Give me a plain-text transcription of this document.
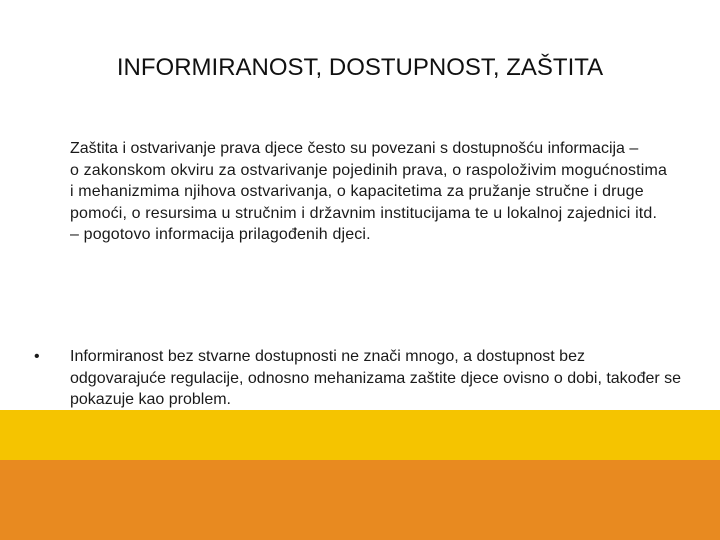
INFORMIRANOST, DOSTUPNOST, ZAŠTITA
Zaštita i ostvarivanje prava djece često su povezani s dostupnošću informacija –
o zakonskom okviru za ostvarivanje pojedinih prava, o raspoloživim mogućnostima i mehanizmima njihova ostvarivanja, o kapacitetima za pružanje stručne i druge pomoći, o resursima u stručnim i državnim institucijama te u lokalnoj zajednici itd. – pogotovo informacija prilagođenih djeci.
•	Informiranost bez stvarne dostupnosti ne znači mnogo, a dostupnost bez odgovarajuće regulacije, odnosno mehanizama zaštite djece ovisno o dobi, također se pokazuje kao problem.
